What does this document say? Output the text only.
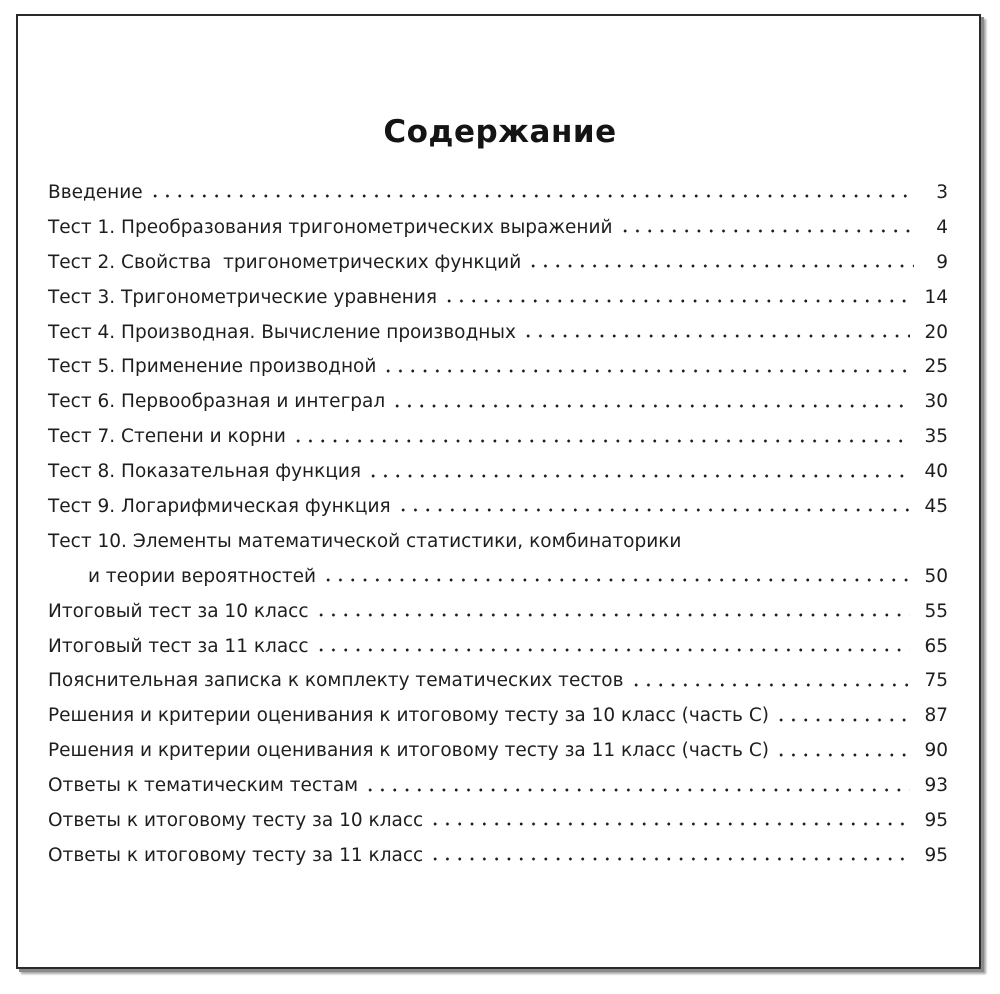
Содержание
Введение	3
Тест 1. Преобразования тригонометрических выражений	4
Тест 2. Свойства  тригонометрических функций	9
Тест 3. Тригонометрические уравнения	14
Тест 4. Производная. Вычисление производных	20
Тест 5. Применение производной	25
Тест 6. Первообразная и интеграл	30
Тест 7. Степени и корни	35
Тест 8. Показательная функция	40
Тест 9. Логарифмическая функция	45
Тест 10. Элементы математической статистики, комбинаторики
и теории вероятностей	50
Итоговый тест за 10 класс	55
Итоговый тест за 11 класс	65
Пояснительная записка к комплекту тематических тестов	75
Решения и критерии оценивания к итоговому тесту за 10 класс (часть С)	87
Решения и критерии оценивания к итоговому тесту за 11 класс (часть С)	90
Ответы к тематическим тестам	93
Ответы к итоговому тесту за 10 класс	95
Ответы к итоговому тесту за 11 класс	95
